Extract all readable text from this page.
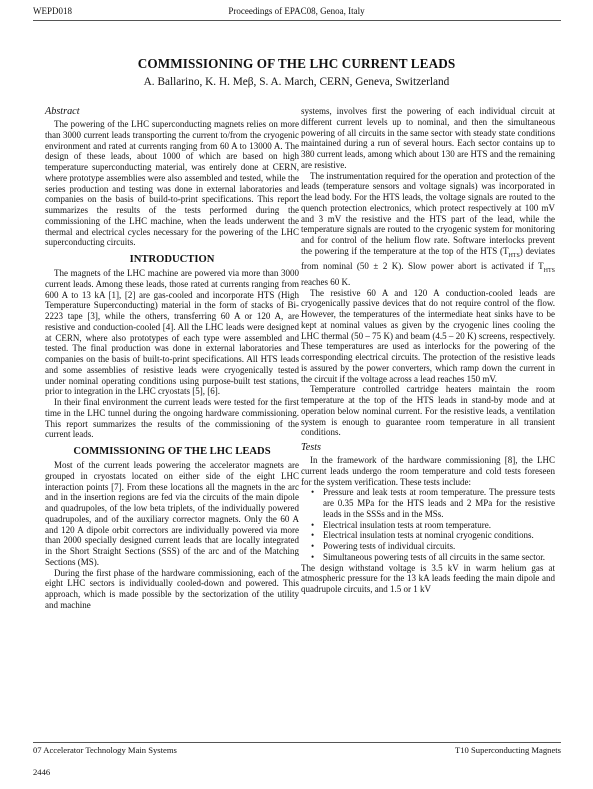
WEPD018	Proceedings of EPAC08, Genoa, Italy
COMMISSIONING OF THE LHC CURRENT LEADS
A. Ballarino, K. H. Meβ, S. A. March, CERN, Geneva, Switzerland
Abstract

The powering of the LHC superconducting magnets relies on more than 3000 current leads transporting the current to/from the cryogenic environment and rated at currents ranging from 60 A to 13000 A. The design of these leads, about 1000 of which are based on high temperature superconducting material, was entirely done at CERN, where prototype assemblies were also assembled and tested, while the series production and testing was done in external laboratories and companies on the basis of build-to-print specifications. This report summarizes the results of the tests performed during the commissioning of the LHC machine, when the leads underwent the thermal and electrical cycles necessary for the powering of the LHC superconducting circuits.

INTRODUCTION

The magnets of the LHC machine are powered via more than 3000 current leads. Among these leads, those rated at currents ranging from 600 A to 13 kA [1], [2] are gas-cooled and incorporate HTS (High Temperature Superconducting) material in the form of stacks of Bi-2223 tape [3], while the others, transferring 60 A or 120 A, are resistive and conduction-cooled [4]. All the LHC leads were designed at CERN, where also prototypes of each type were assembled and tested. The final production was done in external laboratories and companies on the basis of built-to-print specifications. All HTS leads and some assemblies of resistive leads were cryogenically tested under nominal operating conditions using purpose-built test stations, prior to integration in the LHC cryostats [5], [6].

In their final environment the current leads were tested for the first time in the LHC tunnel during the ongoing hardware commissioning. This report summarizes the results of the commissioning of the current leads.

COMMISSIONING OF THE LHC LEADS

Most of the current leads powering the accelerator magnets are grouped in cryostats located on either side of the eight LHC interaction points [7]. From these locations all the magnets in the arc and in the insertion regions are fed via the circuits of the main dipole and quadrupoles, of the low beta triplets, of the individually powered quadrupoles, and of the auxiliary corrector magnets. Only the 60 A and 120 A dipole orbit correctors are individually powered via more than 2000 specially designed current leads that are locally integrated in the Short Straight Sections (SSS) of the arc and of the Matching Sections (MS).

During the first phase of the hardware commissioning, each of the eight LHC sectors is individually cooled-down and powered. This approach, which is made possible by the sectorization of the utility and machine

systems, involves first the powering of each individual circuit at different current levels up to nominal, and then the simultaneous powering of all circuits in the same sector with steady state conditions maintained during a run of several hours. Each sector contains up to 380 current leads, among which about 130 are HTS and the remaining are resistive.

The instrumentation required for the operation and protection of the leads (temperature sensors and voltage signals) was incorporated in the lead body. For the HTS leads, the voltage signals are routed to the quench protection electronics, which protect respectively at 100 mV and 3 mV the resistive and the HTS part of the lead, while the temperature signals are routed to the cryogenic system for monitoring and for control of the helium flow rate. Software interlocks prevent the powering if the temperature at the top of the HTS $(T_{HTS})$ deviates from nominal (50 ± 2 K). Slow power abort is activated if $T_{HTS}$ reaches 60 K.

The resistive 60 A and 120 A conduction-cooled leads are cryogenically passive devices that do not require control of the flow. However, the temperatures of the intermediate heat sinks have to be kept at nominal values as given by the cryogenic lines cooling the LHC thermal (50 – 75 K) and beam (4.5 – 20 K) screens, respectively. These temperatures are used as interlocks for the powering of the corresponding electrical circuits. The protection of the resistive leads is assured by the power converters, which ramp down the current in the circuit if the voltage across a lead reaches 150 mV.

Temperature controlled cartridge heaters maintain the room temperature at the top of the HTS leads in stand-by mode and at operation below nominal current. For the resistive leads, a ventilation system is enough to guarantee room temperature in all transient conditions.

Tests

In the framework of the hardware commissioning [8], the LHC current leads undergo the room temperature and cold tests foreseen for the system verification. These tests include:

• Pressure and leak tests at room temperature. The pressure tests are 0.35 MPa for the HTS leads and 2 MPa for the resistive leads in the SSSs and in the MSs.
• Electrical insulation tests at room temperature.
• Electrical insulation tests at nominal cryogenic conditions.
• Powering tests of individual circuits.
• Simultaneous powering tests of all circuits in the same sector.

The design withstand voltage is 3.5 kV in warm helium gas at atmospheric pressure for the 13 kA leads feeding the main dipole and quadrupole circuits, and 1.5 or 1 kV

07 Accelerator Technology Main Systems	T10 Superconducting Magnets
2446
